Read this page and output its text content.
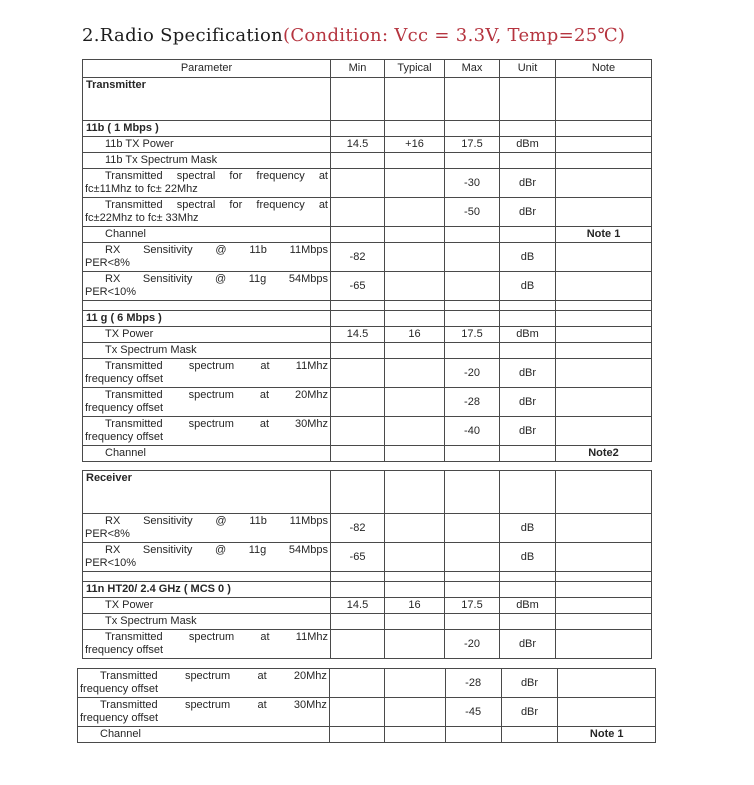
2.Radio Specification(Condition: Vcc = 3.3V, Temp=25℃)
Parameter	Min	Typical	Max	Unit	Note
Transmitter					
11b ( 1 Mbps )					

11b TX Power	14.5	+16	17.5	dBm	

11b Tx Spectrum Mask					

Transmitted spectral for frequency at
fc±11Mhz to fc± 22Mhz			-30	dBr	

Transmitted spectral for frequency at
fc±22Mhz to fc± 33Mhz			-50	dBr	

Channel					Note 1

RX Sensitivity @ 11b 11Mbps
PER<8%	-82			dB	

RX Sensitivity @ 11g 54Mbps
PER<10%	-65			dB	

11 g ( 6 Mbps )					

TX Power	14.5	16	17.5	dBm	

Tx Spectrum Mask					

Transmitted spectrum at 11Mhz
frequency offset			-20	dBr	

Transmitted spectrum at 20Mhz
frequency offset			-28	dBr	

Transmitted spectrum at 30Mhz
frequency offset			-40	dBr	

Channel					Note2
Receiver					

RX Sensitivity @ 11b 11Mbps
PER<8%	-82			dB	

RX Sensitivity @ 11g 54Mbps
PER<10%	-65			dB	

11n HT20/ 2.4 GHz ( MCS 0 )					

TX Power	14.5	16	17.5	dBm	

Tx Spectrum Mask					

Transmitted spectrum at 11Mhz
frequency offset			-20	dBr	
Transmitted spectrum at 20Mhz
frequency offset			-28	dBr	

Transmitted spectrum at 30Mhz
frequency offset			-45	dBr	

Channel					Note 1
